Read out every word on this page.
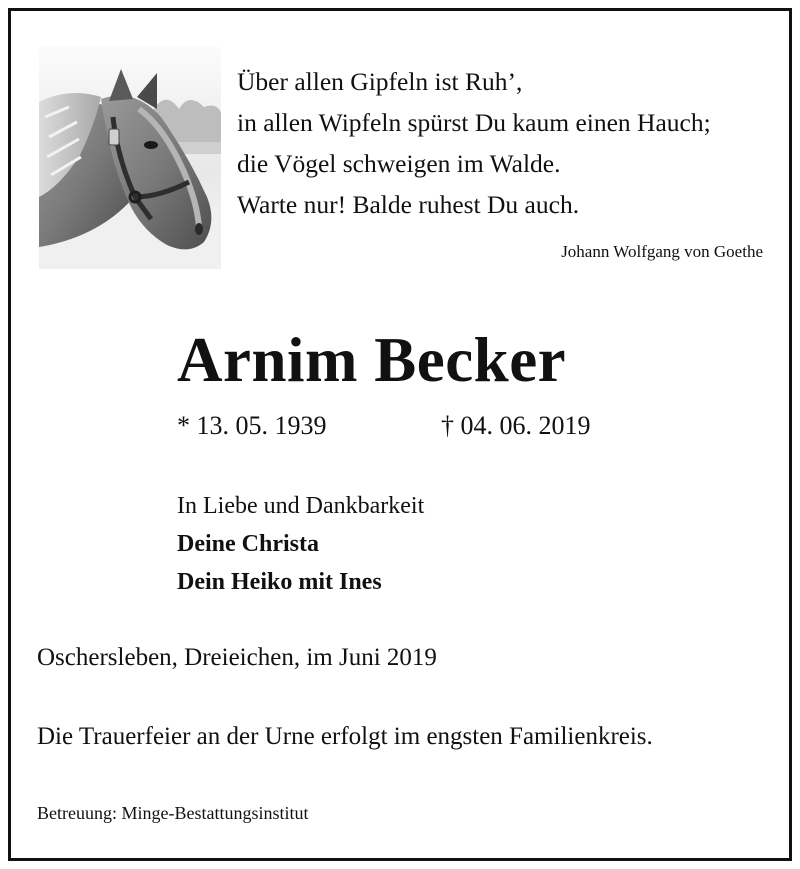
Über allen Gipfeln ist Ruh’,
in allen Wipfeln spürst Du kaum einen Hauch;
die Vögel schweigen im Walde.
Warte nur! Balde ruhest Du auch.
Johann Wolfgang von Goethe
Arnim Becker
* 13. 05. 1939	† 04. 06. 2019
In Liebe und Dankbarkeit
Deine Christa
Dein Heiko mit Ines
Oschersleben, Dreieichen, im Juni 2019
Die Trauerfeier an der Urne erfolgt im engsten Familienkreis.
Betreuung: Minge-Bestattungsinstitut
